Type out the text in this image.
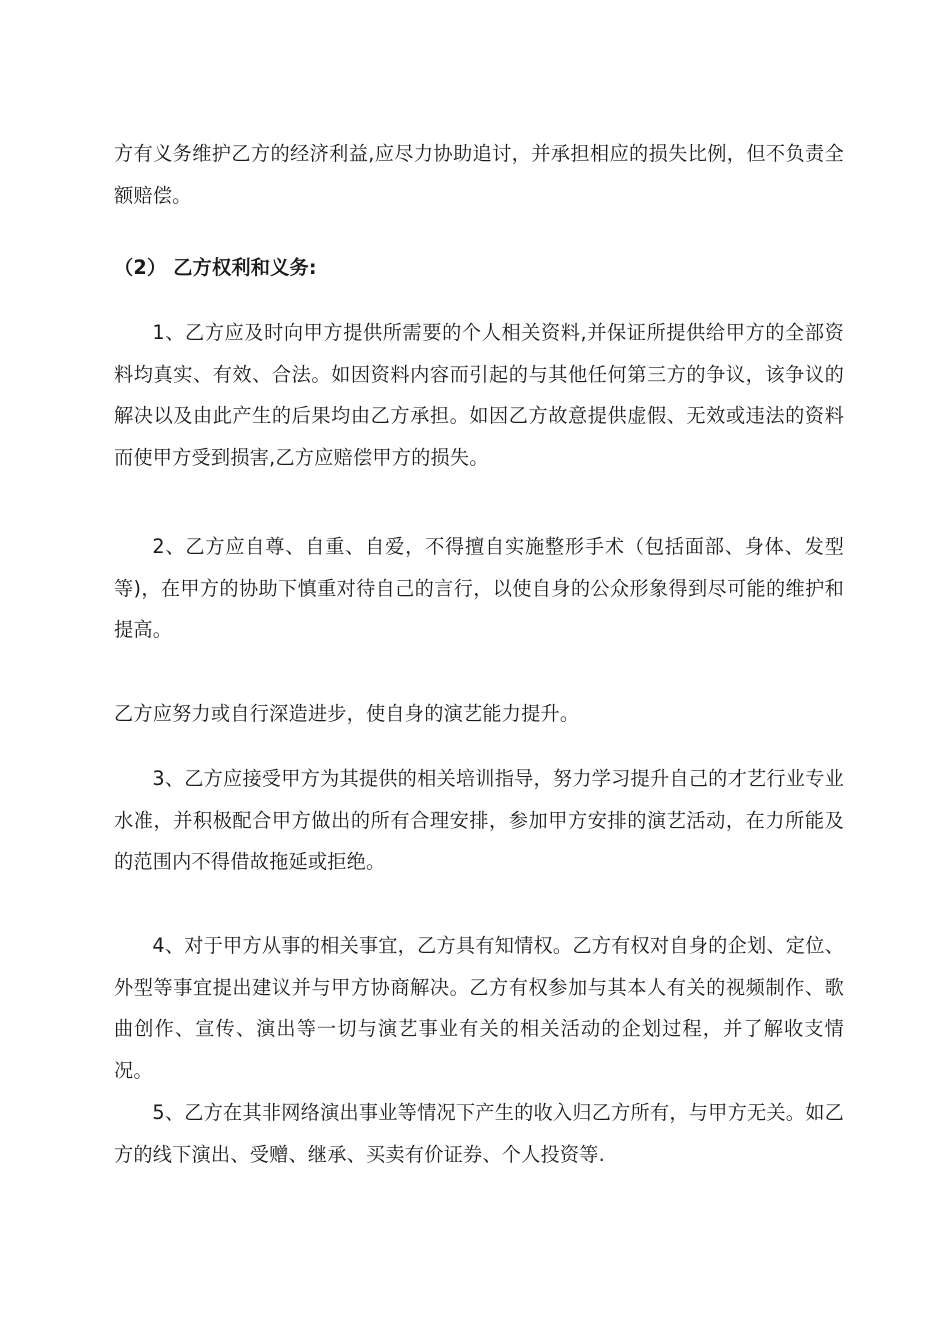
方有义务维护乙方的经济利益,应尽力协助追讨，并承担相应的损失比例，但不负责全额赔偿。

（2） 乙方权利和义务:

1、乙方应及时向甲方提供所需要的个人相关资料,并保证所提供给甲方的全部资料均真实、有效、合法。如因资料内容而引起的与其他任何第三方的争议，该争议的解决以及由此产生的后果均由乙方承担。如因乙方故意提供虚假、无效或违法的资料而使甲方受到损害,乙方应赔偿甲方的损失。

2、乙方应自尊、自重、自爱，不得擅自实施整形手术（包括面部、身体、发型等)，在甲方的协助下慎重对待自己的言行，以使自身的公众形象得到尽可能的维护和提高。

乙方应努力或自行深造进步，使自身的演艺能力提升。

3、乙方应接受甲方为其提供的相关培训指导，努力学习提升自己的才艺行业专业水准，并积极配合甲方做出的所有合理安排，参加甲方安排的演艺活动，在力所能及的范围内不得借故拖延或拒绝。

4、对于甲方从事的相关事宜，乙方具有知情权。乙方有权对自身的企划、定位、外型等事宜提出建议并与甲方协商解决。乙方有权参加与其本人有关的视频制作、歌曲创作、宣传、演出等一切与演艺事业有关的相关活动的企划过程，并了解收支情况。

5、乙方在其非网络演出事业等情况下产生的收入归乙方所有，与甲方无关。如乙方的线下演出、受赠、继承、买卖有价证券、个人投资等.
